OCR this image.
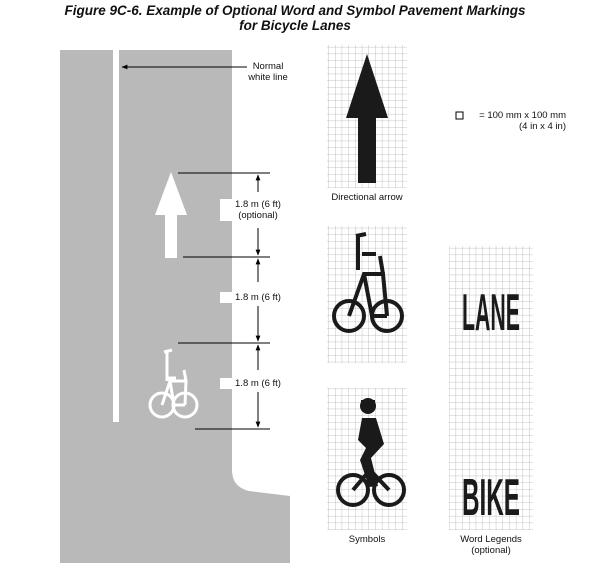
Figure 9C-6. Example of Optional Word and Symbol Pavement Markings
for Bicycle Lanes
LANE
BIKE
Normal
white line
1.8 m (6 ft)
(optional)
1.8 m (6 ft)
1.8 m (6 ft)
= 100 mm x 100 mm
(4 in x 4 in)
Directional arrow
Symbols	Word Legends
(optional)
